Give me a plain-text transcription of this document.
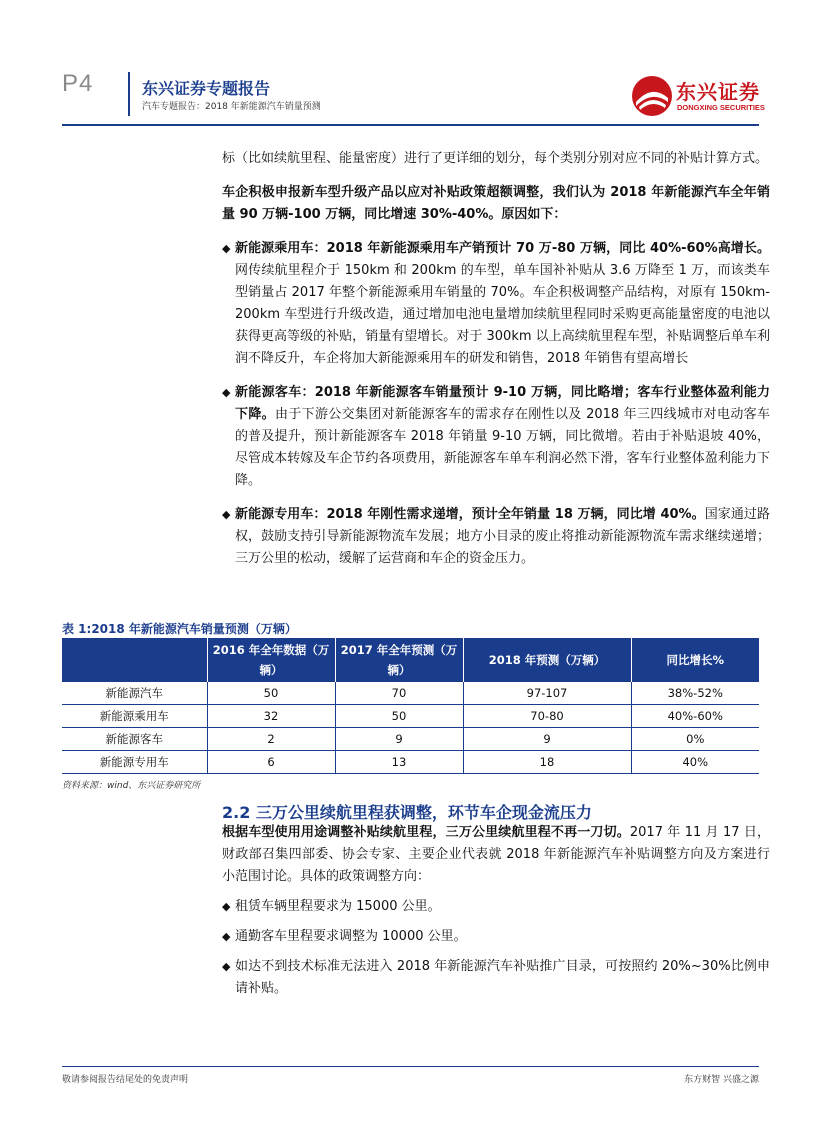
P4	东兴证券专题报告
汽车专题报告：2018 年新能源汽车销量预测
东兴证券
DONGXING SECURITIES

标（比如续航里程、能量密度）进行了更详细的划分，每个类别分别对应不同的补贴计算方式。

车企积极申报新车型升级产品以应对补贴政策超额调整，我们认为 2018 年新能源汽车全年销量 90 万辆-100 万辆，同比增速 30%-40%。原因如下：

◆ 新能源乘用车：2018 年新能源乘用车产销预计 70 万-80 万辆，同比 40%-60%高增长。网传续航里程介于 150km 和 200km 的车型，单车国补补贴从 3.6 万降至 1 万，而该类车型销量占 2017 年整个新能源乘用车销量的 70%。车企积极调整产品结构，对原有 150km-200km 车型进行升级改造，通过增加电池电量增加续航里程同时采购更高能量密度的电池以获得更高等级的补贴，销量有望增长。对于 300km 以上高续航里程车型，补贴调整后单车利润不降反升，车企将加大新能源乘用车的研发和销售，2018 年销售有望高增长

◆ 新能源客车：2018 年新能源客车销量预计 9-10 万辆，同比略增；客车行业整体盈利能力下降。由于下游公交集团对新能源客车的需求存在刚性以及 2018 年三四线城市对电动客车的普及提升，预计新能源客车 2018 年销量 9-10 万辆，同比微增。若由于补贴退坡 40%，尽管成本转嫁及车企节约各项费用，新能源客车单车利润必然下滑，客车行业整体盈利能力下降。

◆ 新能源专用车：2018 年刚性需求递增，预计全年销量 18 万辆，同比增 40%。国家通过路权，鼓励支持引导新能源物流车发展；地方小目录的废止将推动新能源物流车需求继续递增；三万公里的松动，缓解了运营商和车企的资金压力。

表 1:2018 年新能源汽车销量预测（万辆）
	2016 年全年数据（万辆）	2017 年全年预测（万辆）	2018 年预测（万辆）	同比增长%
新能源汽车	50	70	97-107	38%-52%
新能源乘用车	32	50	70-80	40%-60%
新能源客车	2	9	9	0%
新能源专用车	6	13	18	40%
资料来源：wind、东兴证券研究所
2.2 三万公里续航里程获调整，环节车企现金流压力

根据车型使用用途调整补贴续航里程，三万公里续航里程不再一刀切。2017 年 11 月 17 日，财政部召集四部委、协会专家、主要企业代表就 2018 年新能源汽车补贴调整方向及方案进行小范围讨论。具体的政策调整方向：

◆ 租赁车辆里程要求为 15000 公里。

◆ 通勤客车里程要求调整为 10000 公里。

◆ 如达不到技术标准无法进入 2018 年新能源汽车补贴推广目录，可按照约 20%~30%比例申请补贴。

敬请参阅报告结尾处的免责声明	东方财智 兴盛之源
